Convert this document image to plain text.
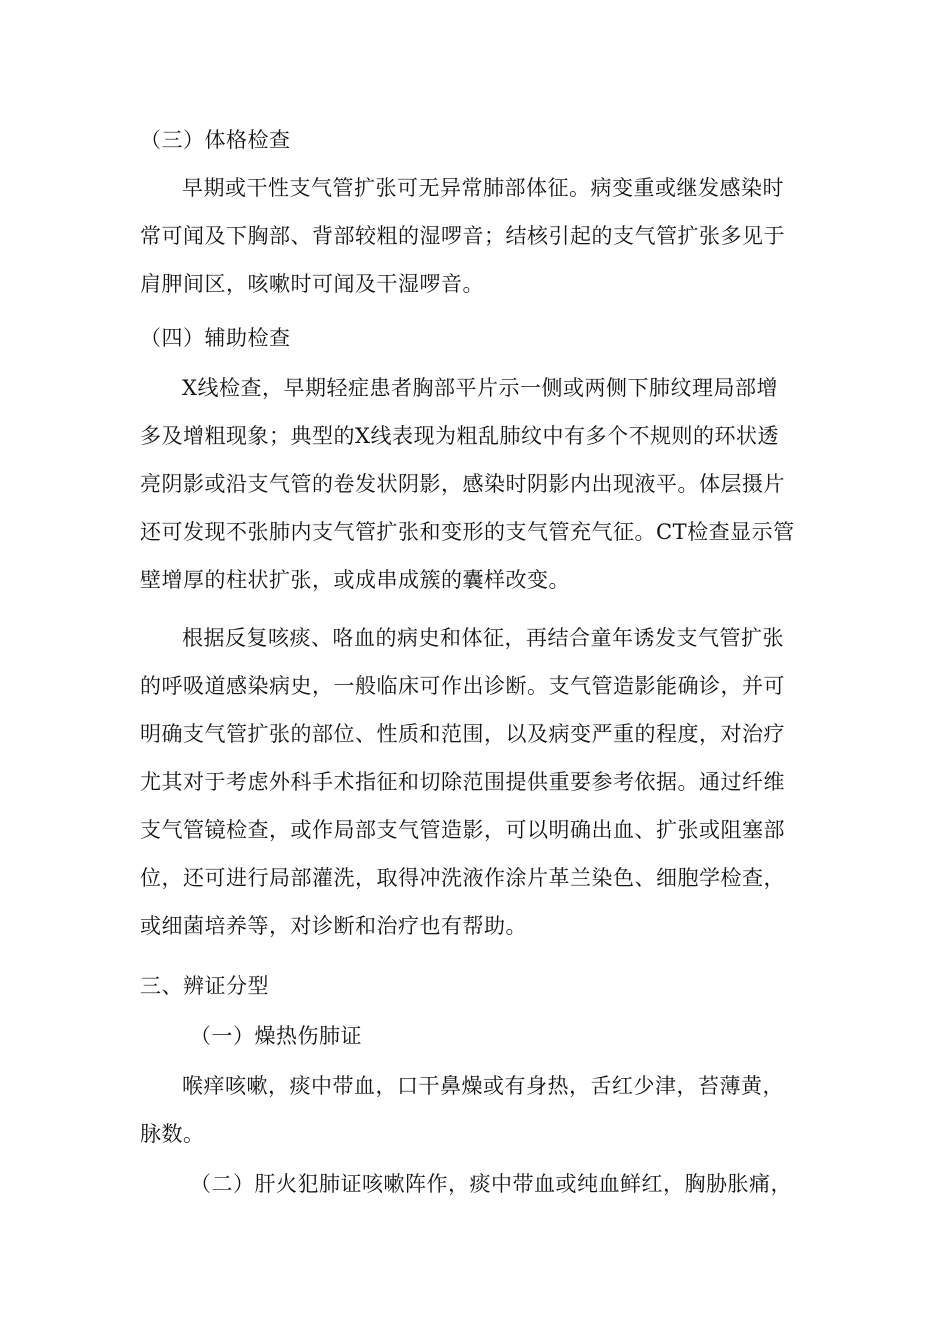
（三）体格检查

早期或干性支气管扩张可无异常肺部体征。病变重或继发感染时
常可闻及下胸部、背部较粗的湿啰音；结核引起的支气管扩张多见于
肩胛间区，咳嗽时可闻及干湿啰音。

（四）辅助检查

X线检查，早期轻症患者胸部平片示一侧或两侧下肺纹理局部增
多及增粗现象；典型的X线表现为粗乱肺纹中有多个不规则的环状透
亮阴影或沿支气管的卷发状阴影，感染时阴影内出现液平。体层摄片
还可发现不张肺内支气管扩张和变形的支气管充气征。CT检查显示管
壁增厚的柱状扩张，或成串成簇的囊样改变。
根据反复咳痰、咯血的病史和体征，再结合童年诱发支气管扩张
的呼吸道感染病史，一般临床可作出诊断。支气管造影能确诊，并可
明确支气管扩张的部位、性质和范围，以及病变严重的程度，对治疗
尤其对于考虑外科手术指征和切除范围提供重要参考依据。通过纤维
支气管镜检查，或作局部支气管造影，可以明确出血、扩张或阻塞部
位，还可进行局部灌洗，取得冲洗液作涂片革兰染色、细胞学检查，
或细菌培养等，对诊断和治疗也有帮助。

三、辨证分型

（一）燥热伤肺证

喉痒咳嗽，痰中带血，口干鼻燥或有身热，舌红少津，苔薄黄，
脉数。

（二）肝火犯肺证咳嗽阵作，痰中带血或纯血鲜红，胸胁胀痛，
